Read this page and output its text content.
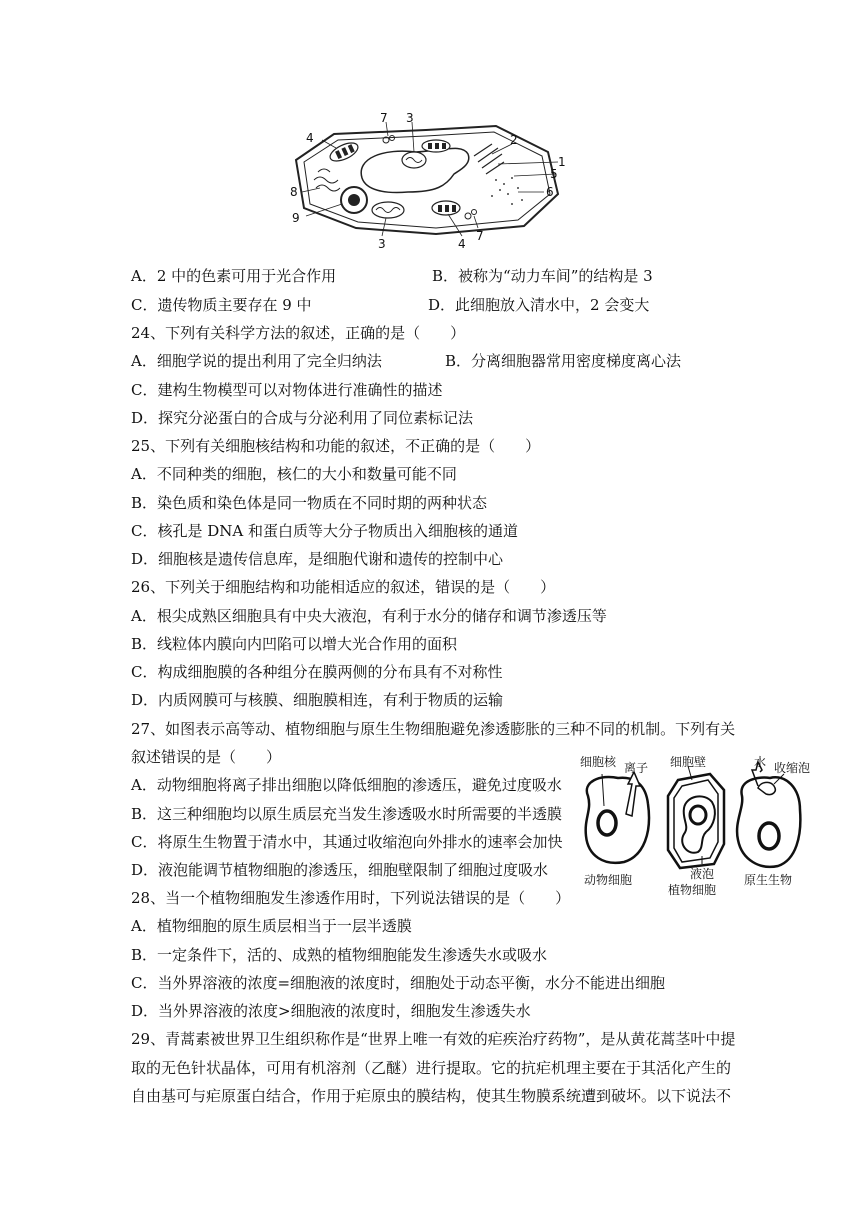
7 3
2
4
1
5
8	6
9
3	4
7
A．2 中的色素可用于光合作用	B．被称为“动力车间”的结构是 3
C．遗传物质主要存在 9 中	D．此细胞放入清水中，2 会变大
24、下列有关科学方法的叙述，正确的是（　　）
A．细胞学说的提出利用了完全归纳法	B．分离细胞器常用密度梯度离心法
C．建构生物模型可以对物体进行准确性的描述
D．探究分泌蛋白的合成与分泌利用了同位素标记法
25、下列有关细胞核结构和功能的叙述，不正确的是（　　）
A．不同种类的细胞，核仁的大小和数量可能不同
B．染色质和染色体是同一物质在不同时期的两种状态
C．核孔是 DNA 和蛋白质等大分子物质出入细胞核的通道
D．细胞核是遗传信息库，是细胞代谢和遗传的控制中心
26、下列关于细胞结构和功能相适应的叙述，错误的是（　　）
A．根尖成熟区细胞具有中央大液泡，有利于水分的储存和调节渗透压等
B．线粒体内膜向内凹陷可以增大光合作用的面积
C．构成细胞膜的各种组分在膜两侧的分布具有不对称性
D．内质网膜可与核膜、细胞膜相连，有利于物质的运输
27、如图表示高等动、植物细胞与原生生物细胞避免渗透膨胀的三种不同的机制。下列有关
叙述错误的是（　　）
A．动物细胞将离子排出细胞以降低细胞的渗透压，避免过度吸水
B．这三种细胞均以原生质层充当发生渗透吸水时所需要的半透膜
C．将原生生物置于清水中，其通过收缩泡向外排水的速率会加快
D．液泡能调节植物细胞的渗透压，细胞壁限制了细胞过度吸水
细胞核 离子 细胞壁	水 收缩泡
液泡
动物细胞
植物细胞
原生生物
28、当一个植物细胞发生渗透作用时，下列说法错误的是（　　）
A．植物细胞的原生质层相当于一层半透膜
B．一定条件下，活的、成熟的植物细胞能发生渗透失水或吸水
C．当外界溶液的浓度=细胞液的浓度时，细胞处于动态平衡，水分不能进出细胞
D．当外界溶液的浓度>细胞液的浓度时，细胞发生渗透失水
29、青蒿素被世界卫生组织称作是“世界上唯一有效的疟疾治疗药物”，是从黄花蒿茎叶中提
取的无色针状晶体，可用有机溶剂（乙醚）进行提取。它的抗疟机理主要在于其活化产生的
自由基可与疟原蛋白结合，作用于疟原虫的膜结构，使其生物膜系统遭到破坏。以下说法不
